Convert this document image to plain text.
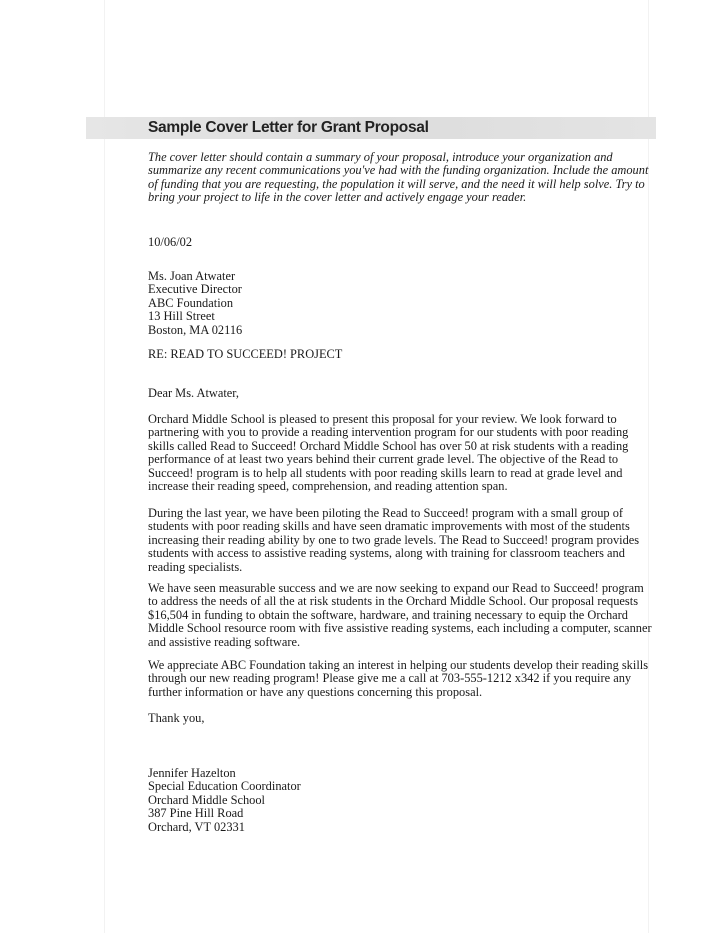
Sample Cover Letter for Grant Proposal
The cover letter should contain a summary of your proposal, introduce your organization and
summarize any recent communications you've had with the funding organization. Include the amount
of funding that you are requesting, the population it will serve, and the need it will help solve. Try to
bring your project to life in the cover letter and actively engage your reader.
10/06/02
Ms. Joan Atwater
Executive Director
ABC Foundation
13 Hill Street
Boston, MA 02116
RE: READ TO SUCCEED! PROJECT
Dear Ms. Atwater,
Orchard Middle School is pleased to present this proposal for your review. We look forward to
partnering with you to provide a reading intervention program for our students with poor reading
skills called Read to Succeed! Orchard Middle School has over 50 at risk students with a reading
performance of at least two years behind their current grade level. The objective of the Read to
Succeed! program is to help all students with poor reading skills learn to read at grade level and
increase their reading speed, comprehension, and reading attention span.
During the last year, we have been piloting the Read to Succeed! program with a small group of
students with poor reading skills and have seen dramatic improvements with most of the students
increasing their reading ability by one to two grade levels. The Read to Succeed! program provides
students with access to assistive reading systems, along with training for classroom teachers and
reading specialists.
We have seen measurable success and we are now seeking to expand our Read to Succeed! program
to address the needs of all the at risk students in the Orchard Middle School. Our proposal requests
$16,504 in funding to obtain the software, hardware, and training necessary to equip the Orchard
Middle School resource room with five assistive reading systems, each including a computer, scanner
and assistive reading software.
We appreciate ABC Foundation taking an interest in helping our students develop their reading skills
through our new reading program! Please give me a call at 703-555-1212 x342 if you require any
further information or have any questions concerning this proposal.
Thank you,
Jennifer Hazelton
Special Education Coordinator
Orchard Middle School
387 Pine Hill Road
Orchard, VT 02331
